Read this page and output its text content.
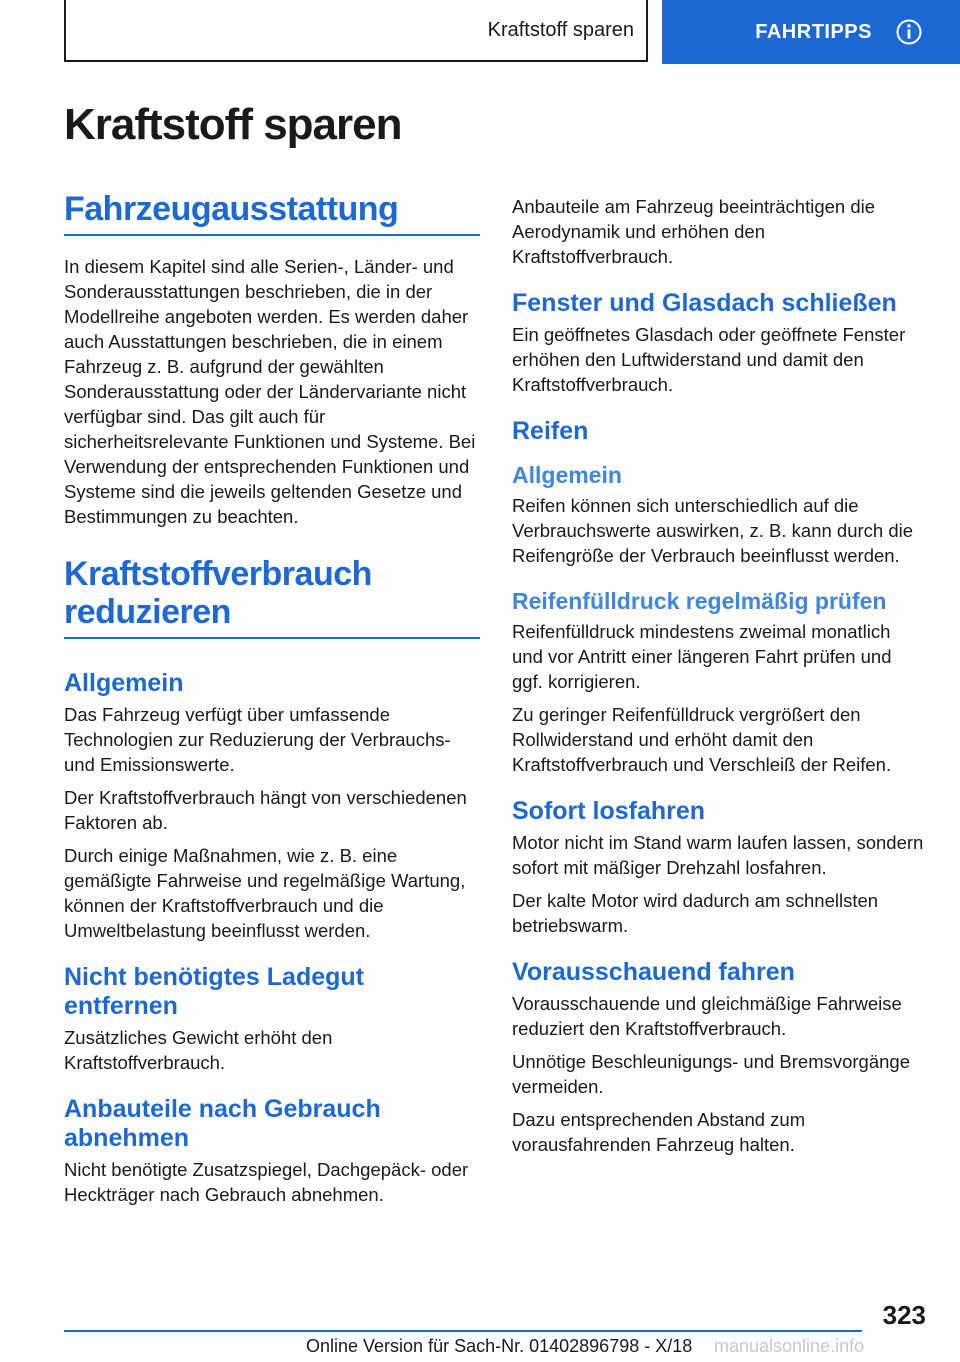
Kraftstoff sparen	FAHRTIPPS
Kraftstoff sparen
Fahrzeugausstattung

In diesem Kapitel sind alle Serien-, Länder- und Sonderausstattungen beschrieben, die in der Modellreihe angeboten werden. Es werden daher auch Ausstattungen beschrieben, die in einem Fahrzeug z. B. aufgrund der gewählten Sonderausstattung oder der Ländervariante nicht verfügbar sind. Das gilt auch für sicherheitsrelevante Funktionen und Systeme. Bei Verwendung der entsprechenden Funktionen und Systeme sind die jeweils geltenden Gesetze und Bestimmungen zu beachten.

Kraftstoffverbrauch
reduzieren
Allgemein

Das Fahrzeug verfügt über umfassende Technologien zur Reduzierung der Verbrauchs- und Emissionswerte.

Der Kraftstoffverbrauch hängt von verschiedenen Faktoren ab.

Durch einige Maßnahmen, wie z. B. eine gemäßigte Fahrweise und regelmäßige Wartung, können der Kraftstoffverbrauch und die Umweltbelastung beeinflusst werden.

Nicht benötigtes Ladegut entfernen

Zusätzliches Gewicht erhöht den Kraftstoffverbrauch.

Anbauteile nach Gebrauch abnehmen

Nicht benötigte Zusatzspiegel, Dachgepäck- oder Heckträger nach Gebrauch abnehmen.

Anbauteile am Fahrzeug beeinträchtigen die Aerodynamik und erhöhen den Kraftstoffverbrauch.

Fenster und Glasdach schließen

Ein geöffnetes Glasdach oder geöffnete Fenster erhöhen den Luftwiderstand und damit den Kraftstoffverbrauch.

Reifen
Allgemein

Reifen können sich unterschiedlich auf die Verbrauchswerte auswirken, z. B. kann durch die Reifengröße der Verbrauch beeinflusst werden.

Reifenfülldruck regelmäßig prüfen

Reifenfülldruck mindestens zweimal monatlich und vor Antritt einer längeren Fahrt prüfen und ggf. korrigieren.

Zu geringer Reifenfülldruck vergrößert den Rollwiderstand und erhöht damit den Kraftstoffverbrauch und Verschleiß der Reifen.

Sofort losfahren

Motor nicht im Stand warm laufen lassen, sondern sofort mit mäßiger Drehzahl losfahren.

Der kalte Motor wird dadurch am schnellsten betriebswarm.

Vorausschauend fahren

Vorausschauende und gleichmäßige Fahrweise reduziert den Kraftstoffverbrauch.

Unnötige Beschleunigungs- und Bremsvorgänge vermeiden.

Dazu entsprechenden Abstand zum vorausfahrenden Fahrzeug halten.

323
Online Version für Sach-Nr. 01402896798 - X/18 manualsonline.info
